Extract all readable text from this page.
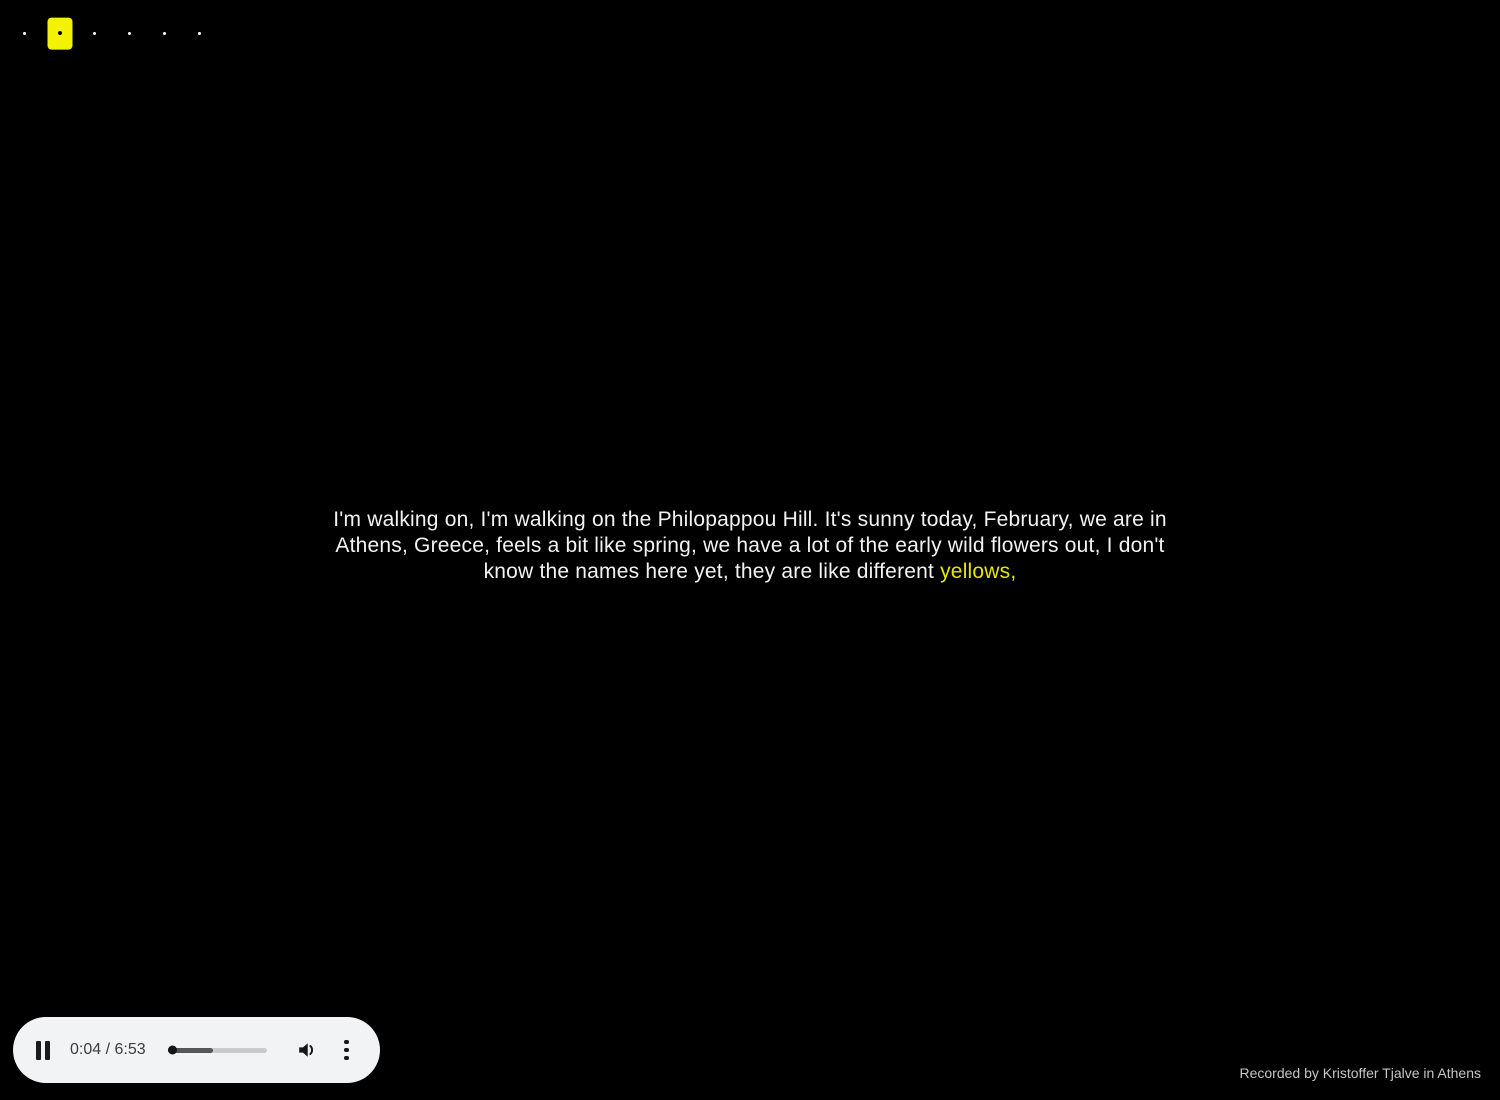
I'm walking on, I'm walking on the Philopappou Hill. It's sunny today, February, we are in
Athens, Greece, feels a bit like spring, we have a lot of the early wild flowers out, I don't
know the names here yet, they are like different yellows,
0:04 / 6:53
Recorded by Kristoffer Tjalve in Athens
